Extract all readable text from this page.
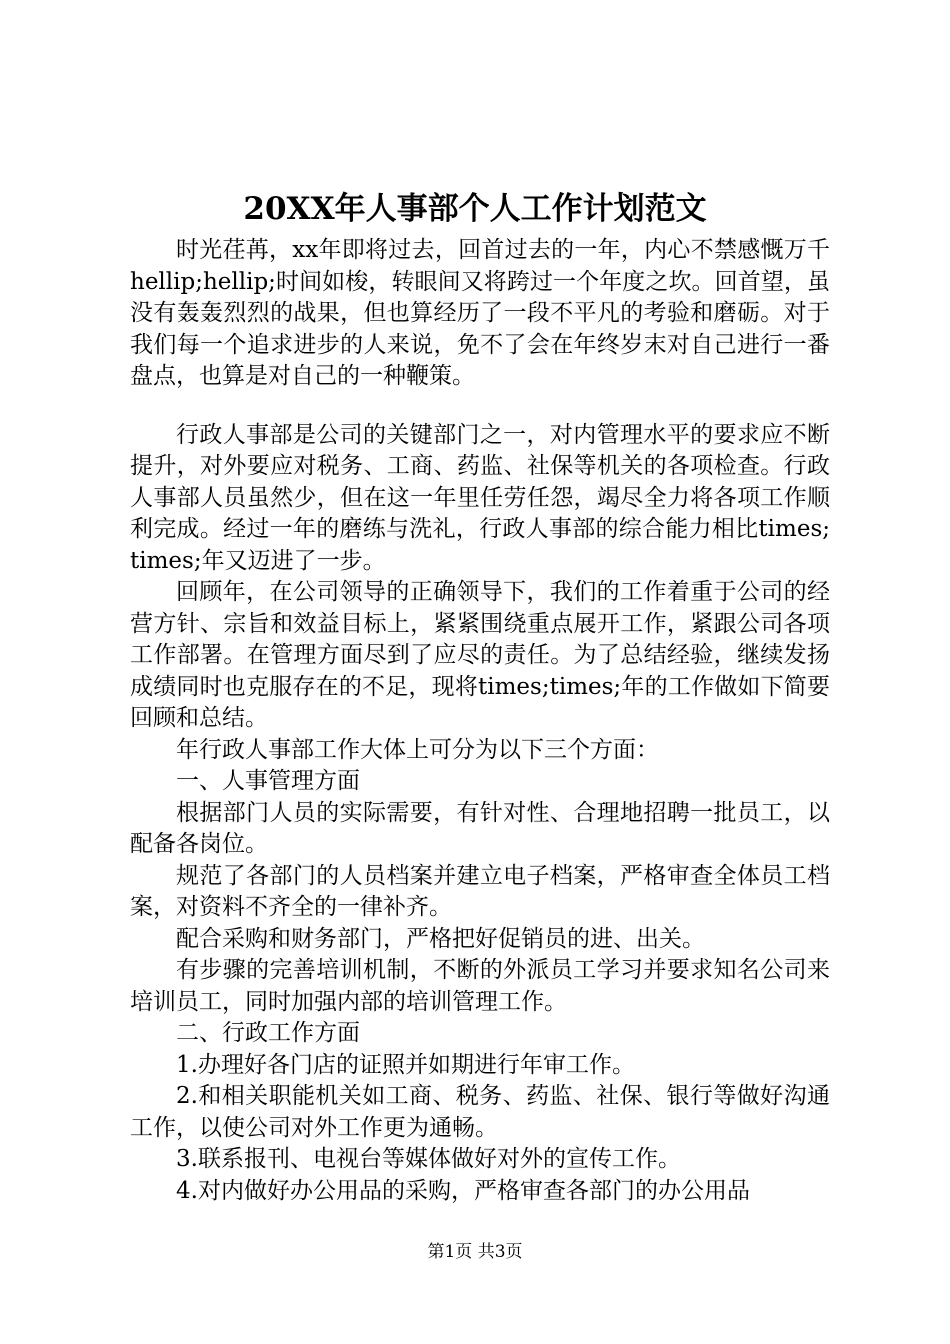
20XX年人事部个人工作计划范文

时光荏苒，xx年即将过去，回首过去的一年，内心不禁感慨万千hellip;hellip;时间如梭，转眼间又将跨过一个年度之坎。回首望，虽没有轰轰烈烈的战果，但也算经历了一段不平凡的考验和磨砺。对于我们每一个追求进步的人来说，免不了会在年终岁末对自己进行一番盘点，也算是对自己的一种鞭策。

行政人事部是公司的关键部门之一，对内管理水平的要求应不断提升，对外要应对税务、工商、药监、社保等机关的各项检查。行政人事部人员虽然少，但在这一年里任劳任怨，竭尽全力将各项工作顺利完成。经过一年的磨练与洗礼，行政人事部的综合能力相比times;times;年又迈进了一步。

回顾年，在公司领导的正确领导下，我们的工作着重于公司的经营方针、宗旨和效益目标上，紧紧围绕重点展开工作，紧跟公司各项工作部署。在管理方面尽到了应尽的责任。为了总结经验，继续发扬成绩同时也克服存在的不足，现将times;times;年的工作做如下简要回顾和总结。

年行政人事部工作大体上可分为以下三个方面：

一、人事管理方面

根据部门人员的实际需要，有针对性、合理地招聘一批员工，以配备各岗位。

规范了各部门的人员档案并建立电子档案，严格审查全体员工档案，对资料不齐全的一律补齐。

配合采购和财务部门，严格把好促销员的进、出关。

有步骤的完善培训机制，不断的外派员工学习并要求知名公司来培训员工，同时加强内部的培训管理工作。

二、行政工作方面

1.办理好各门店的证照并如期进行年审工作。

2.和相关职能机关如工商、税务、药监、社保、银行等做好沟通工作，以使公司对外工作更为通畅。

3.联系报刊、电视台等媒体做好对外的宣传工作。

4.对内做好办公用品的采购，严格审查各部门的办公用品

第1页 共3页
